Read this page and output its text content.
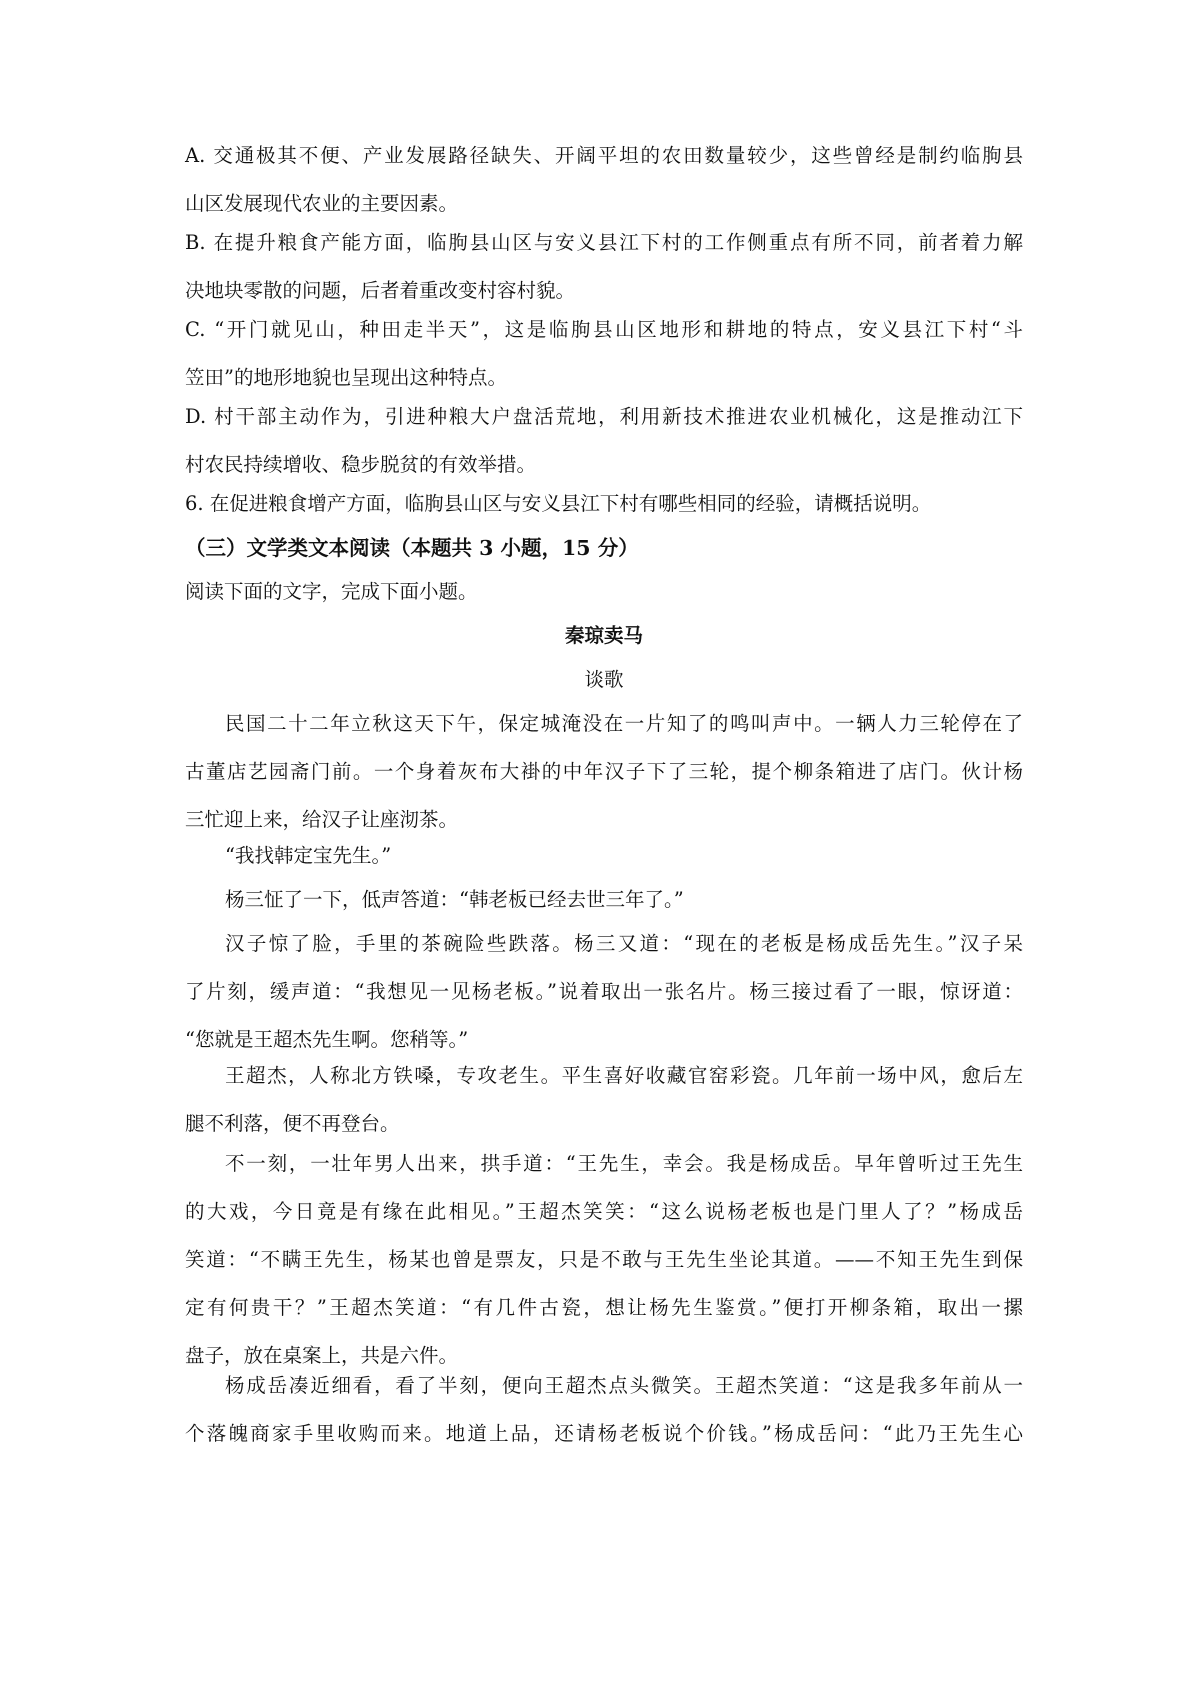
A. 交通极其不便、产业发展路径缺失、开阔平坦的农田数量较少，这些曾经是制约临朐县
山区发展现代农业的主要因素。
B. 在提升粮食产能方面，临朐县山区与安义县江下村的工作侧重点有所不同，前者着力解
决地块零散的问题，后者着重改变村容村貌。
C. “开门就见山，种田走半天”，这是临朐县山区地形和耕地的特点，安义县江下村“斗
笠田”的地形地貌也呈现出这种特点。
D. 村干部主动作为，引进种粮大户盘活荒地，利用新技术推进农业机械化，这是推动江下
村农民持续增收、稳步脱贫的有效举措。
6. 在促进粮食增产方面，临朐县山区与安义县江下村有哪些相同的经验，请概括说明。
（三）文学类文本阅读（本题共 3 小题，15 分）
阅读下面的文字，完成下面小题。
秦琼卖马
谈歌
民国二十二年立秋这天下午，保定城淹没在一片知了的鸣叫声中。一辆人力三轮停在了
古董店艺园斋门前。一个身着灰布大褂的中年汉子下了三轮，提个柳条箱进了店门。伙计杨
三忙迎上来，给汉子让座沏茶。
“我找韩定宝先生。”
杨三怔了一下，低声答道：“韩老板已经去世三年了。”
汉子惊了脸，手里的茶碗险些跌落。杨三又道：“现在的老板是杨成岳先生。”汉子呆
了片刻，缓声道：“我想见一见杨老板。”说着取出一张名片。杨三接过看了一眼，惊讶道：
“您就是王超杰先生啊。您稍等。”
王超杰，人称北方铁嗓，专攻老生。平生喜好收藏官窑彩瓷。几年前一场中风，愈后左
腿不利落，便不再登台。
不一刻，一壮年男人出来，拱手道：“王先生，幸会。我是杨成岳。早年曾听过王先生
的大戏，今日竟是有缘在此相见。”王超杰笑笑：“这么说杨老板也是门里人了？”杨成岳
笑道：“不瞒王先生，杨某也曾是票友，只是不敢与王先生坐论其道。——不知王先生到保
定有何贵干？”王超杰笑道：“有几件古瓷，想让杨先生鉴赏。”便打开柳条箱，取出一摞
盘子，放在桌案上，共是六件。
杨成岳凑近细看，看了半刻，便向王超杰点头微笑。王超杰笑道：“这是我多年前从一
个落魄商家手里收购而来。地道上品，还请杨老板说个价钱。”杨成岳问：“此乃王先生心
